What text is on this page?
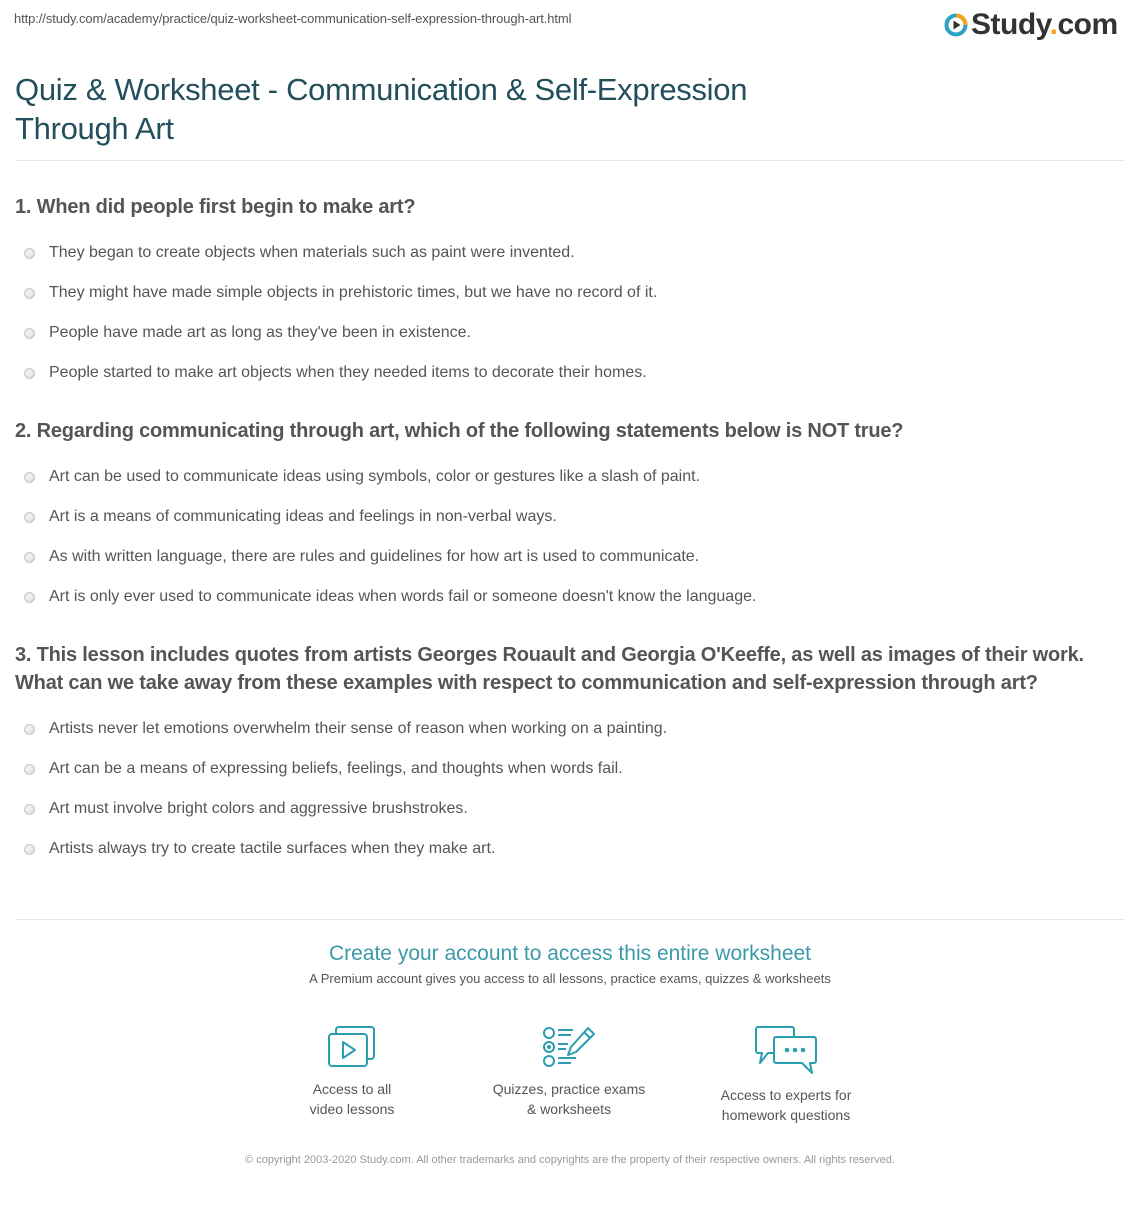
http://study.com/academy/practice/quiz-worksheet-communication-self-expression-through-art.html	Study.com
Quiz & Worksheet - Communication & Self-Expression Through Art
1. When did people first begin to make art?
They began to create objects when materials such as paint were invented.
They might have made simple objects in prehistoric times, but we have no record of it.
People have made art as long as they've been in existence.
People started to make art objects when they needed items to decorate their homes.
2. Regarding communicating through art, which of the following statements below is NOT true?
Art can be used to communicate ideas using symbols, color or gestures like a slash of paint.
Art is a means of communicating ideas and feelings in non-verbal ways.
As with written language, there are rules and guidelines for how art is used to communicate.
Art is only ever used to communicate ideas when words fail or someone doesn't know the language.
3. This lesson includes quotes from artists Georges Rouault and Georgia O'Keeffe, as well as images of their work. What can we take away from these examples with respect to communication and self-expression through art?
Artists never let emotions overwhelm their sense of reason when working on a painting.
Art can be a means of expressing beliefs, feelings, and thoughts when words fail.
Art must involve bright colors and aggressive brushstrokes.
Artists always try to create tactile surfaces when they make art.
Create your account to access this entire worksheet
A Premium account gives you access to all lessons, practice exams, quizzes & worksheets
Access to all
video lessons
Quizzes, practice exams
& worksheets
Access to experts for
homework questions
© copyright 2003-2020 Study.com. All other trademarks and copyrights are the property of their respective owners. All rights reserved.
